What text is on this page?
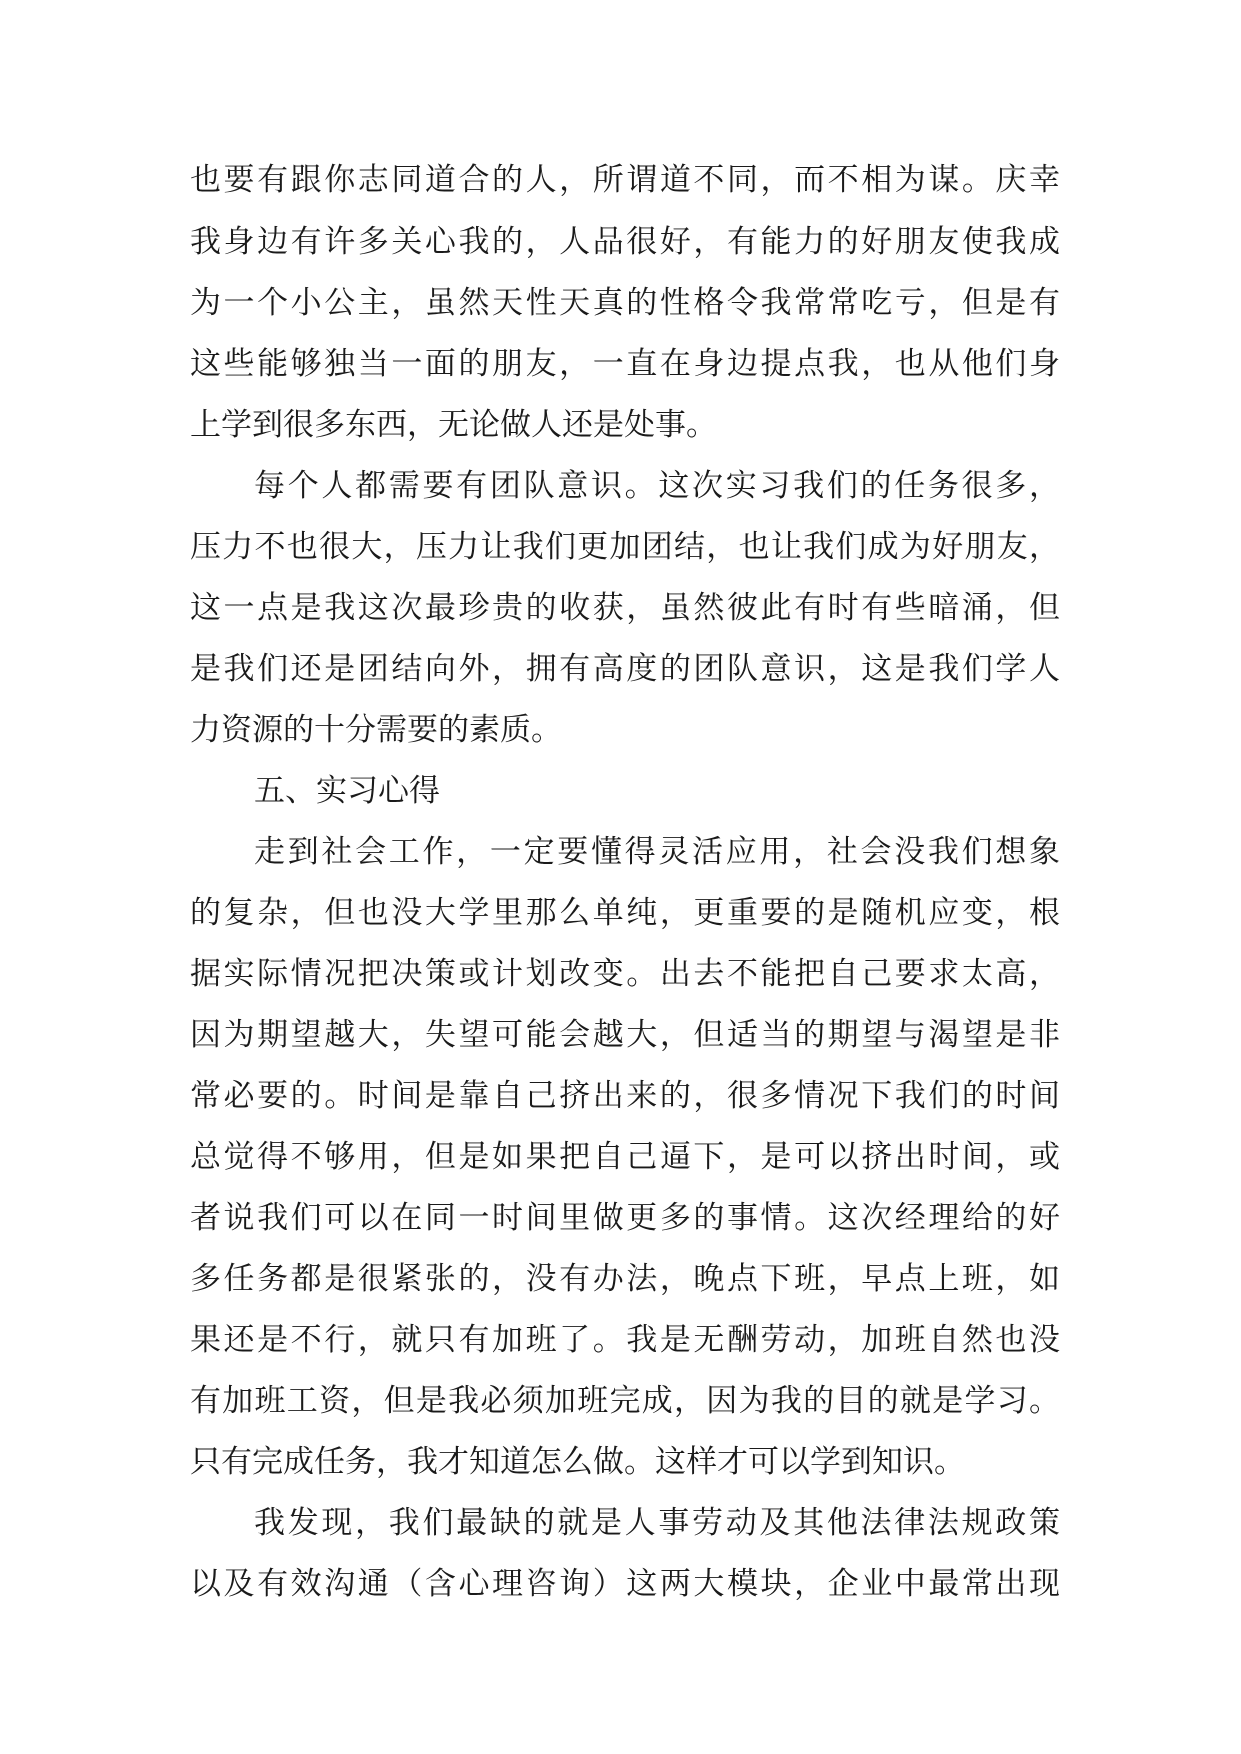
也要有跟你志同道合的人，所谓道不同，而不相为谋。庆幸
我身边有许多关心我的，人品很好，有能力的好朋友使我成
为一个小公主，虽然天性天真的性格令我常常吃亏，但是有
这些能够独当一面的朋友，一直在身边提点我，也从他们身
上学到很多东西，无论做人还是处事。
每个人都需要有团队意识。这次实习我们的任务很多，
压力不也很大，压力让我们更加团结，也让我们成为好朋友，
这一点是我这次最珍贵的收获，虽然彼此有时有些暗涌，但
是我们还是团结向外，拥有高度的团队意识，这是我们学人
力资源的十分需要的素质。
五、实习心得
走到社会工作，一定要懂得灵活应用，社会没我们想象
的复杂，但也没大学里那么单纯，更重要的是随机应变，根
据实际情况把决策或计划改变。出去不能把自己要求太高，
因为期望越大，失望可能会越大，但适当的期望与渴望是非
常必要的。时间是靠自己挤出来的，很多情况下我们的时间
总觉得不够用，但是如果把自己逼下，是可以挤出时间，或
者说我们可以在同一时间里做更多的事情。这次经理给的好
多任务都是很紧张的，没有办法，晚点下班，早点上班，如
果还是不行，就只有加班了。我是无酬劳动，加班自然也没
有加班工资，但是我必须加班完成，因为我的目的就是学习。
只有完成任务，我才知道怎么做。这样才可以学到知识。
我发现，我们最缺的就是人事劳动及其他法律法规政策
以及有效沟通（含心理咨询）这两大模块，企业中最常出现
